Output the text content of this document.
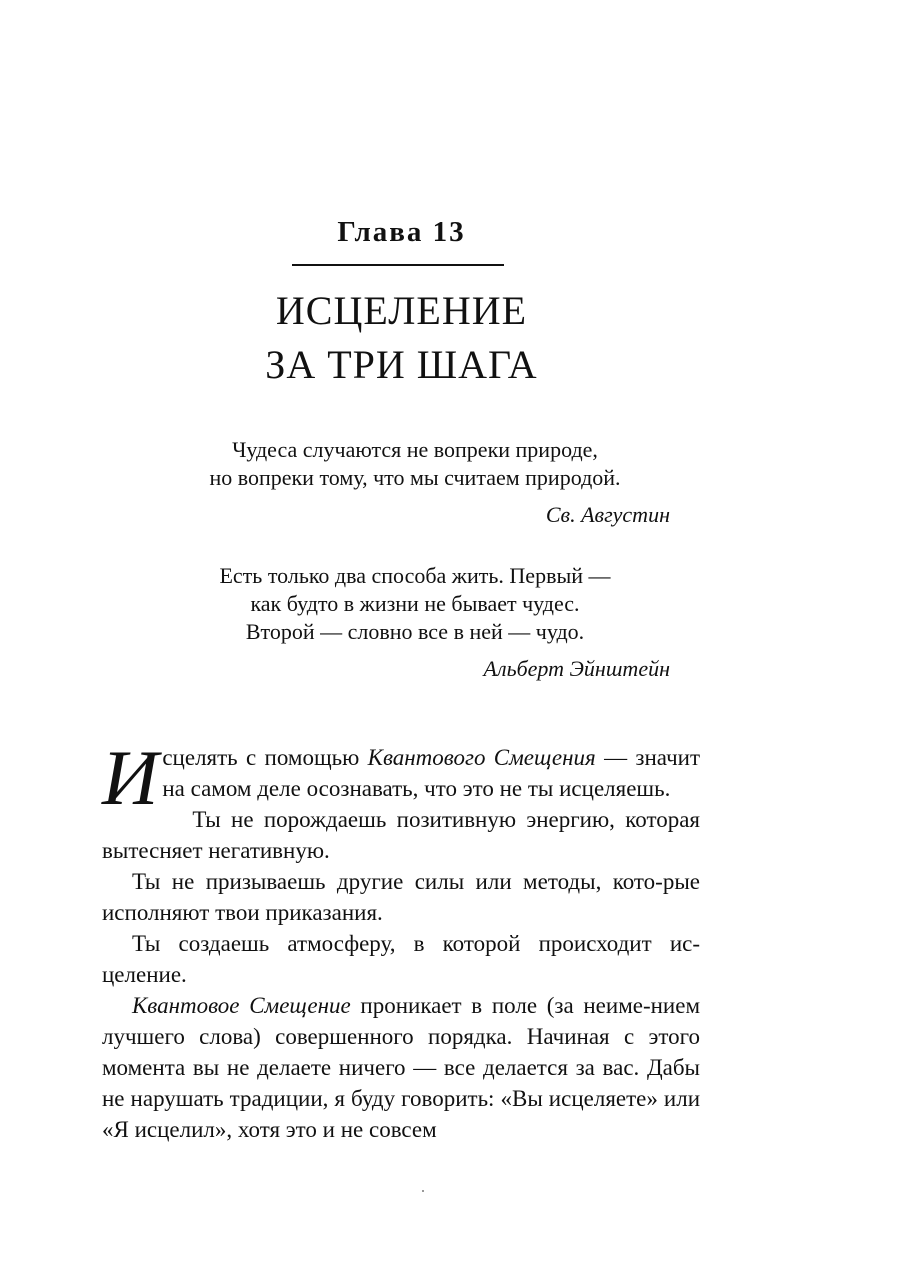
Глава 13
ИСЦЕЛЕНИЕ
ЗА ТРИ ШАГА
Чудеса случаются не вопреки природе,
но вопреки тому, что мы считаем природой.
Св. Августин
Есть только два способа жить. Первый —
как будто в жизни не бывает чудес.
Второй — словно все в ней — чудо.
Альберт Эйнштейн

Исцелять с помощью Квантового Смещения — значит на самом деле осознавать, что это не ты исцеляешь.

Ты не порождаешь позитивную энергию, которая вытесняет негативную.

Ты не призываешь другие силы или методы, кото-рые исполняют твои приказания.

Ты создаешь атмосферу, в которой происходит ис-целение.

Квантовое Смещение проникает в поле (за неиме-нием лучшего слова) совершенного порядка. Начиная с этого момента вы не делаете ничего — все делается за вас. Дабы не нарушать традиции, я буду говорить: «Вы исцеляете» или «Я исцелил», хотя это и не совсем
